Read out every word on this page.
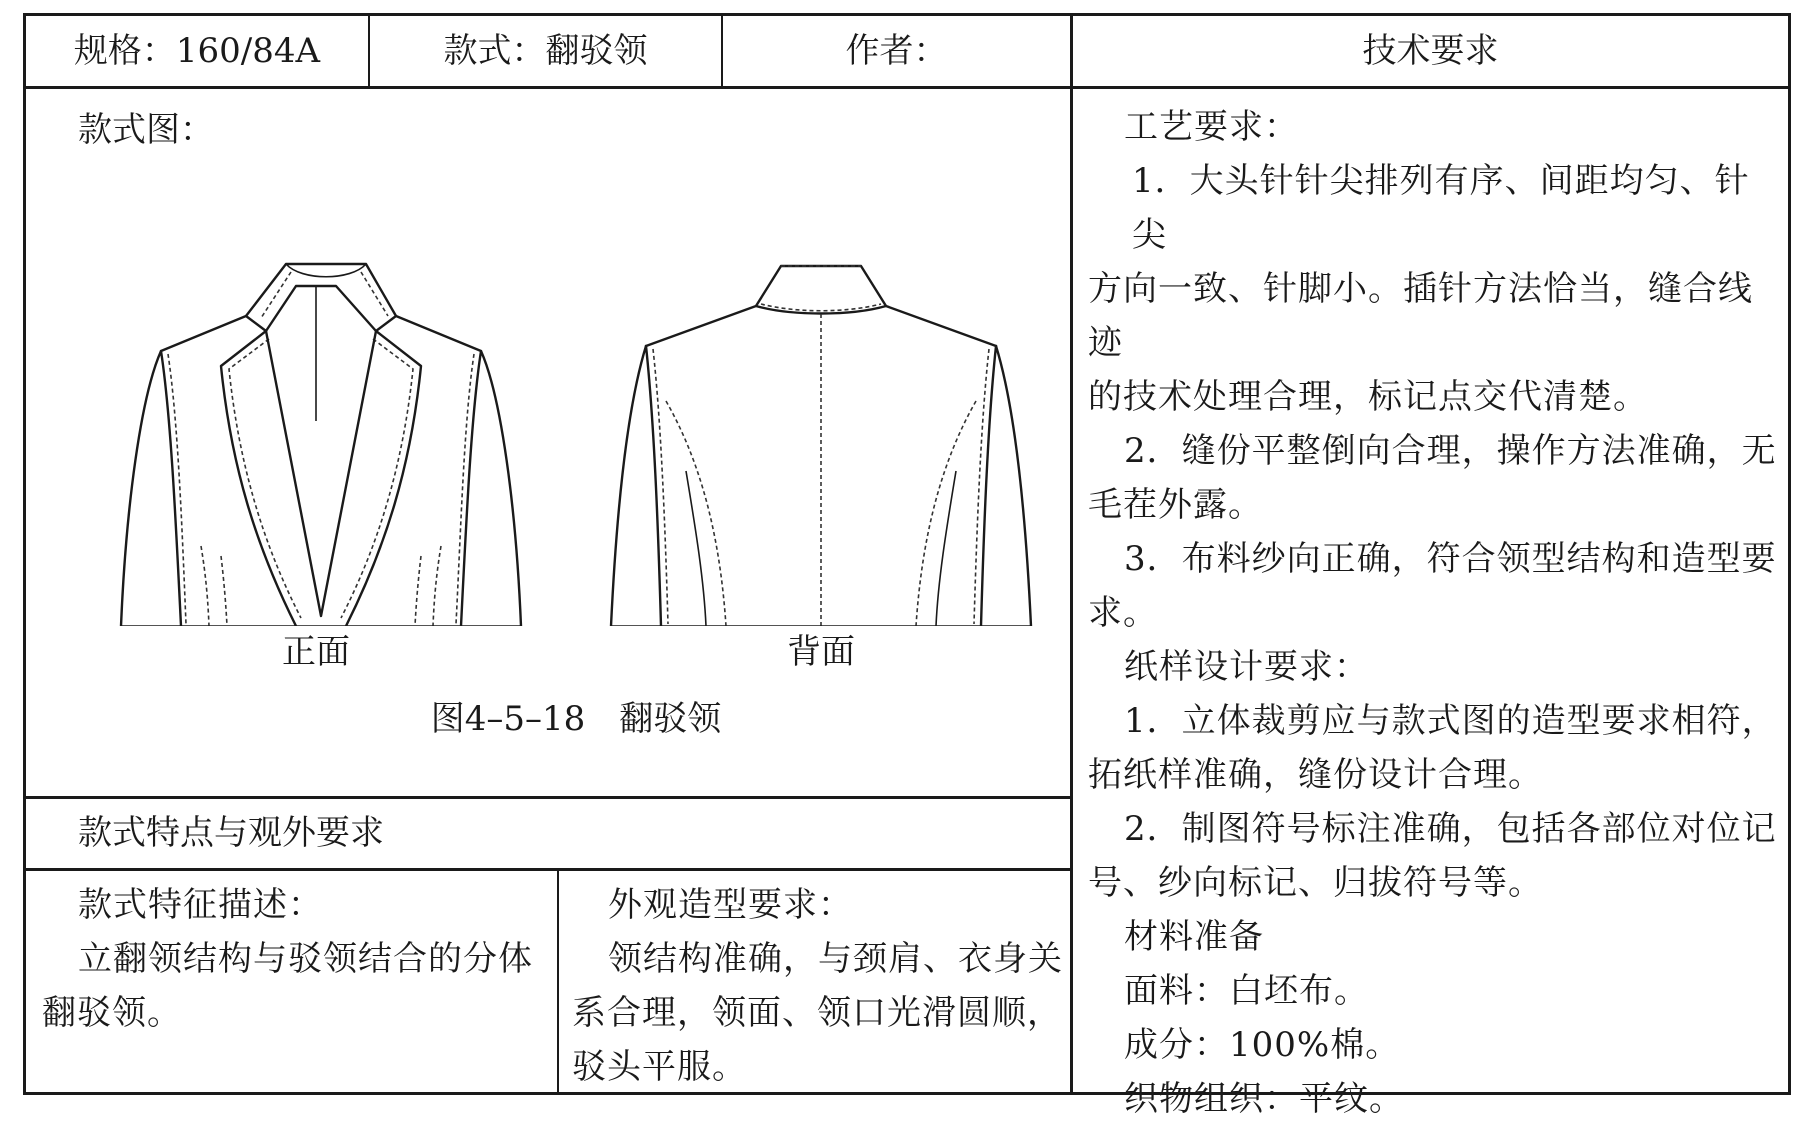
规格：160/84A	款式：翻驳领	作者：	技术要求
款式图：
正面	背面
图4–5–18　翻驳领
款式特点与观外要求

款式特征描述：

立翻领结构与驳领结合的分体

翻驳领。

外观造型要求：

领结构准确，与颈肩、衣身关

系合理，领面、领口光滑圆顺，

驳头平服。

工艺要求：

1．大头针针尖排列有序、间距均匀、针尖

方向一致、针脚小。插针方法恰当，缝合线迹

的技术处理合理，标记点交代清楚。

2．缝份平整倒向合理，操作方法准确，无

毛茬外露。

3．布料纱向正确，符合领型结构和造型要

求。

纸样设计要求：

1．立体裁剪应与款式图的造型要求相符，

拓纸样准确，缝份设计合理。

2．制图符号标注准确，包括各部位对位记

号、纱向标记、归拔符号等。

材料准备

面料：白坯布。

成分：100%棉。

织物组织：平纹。
